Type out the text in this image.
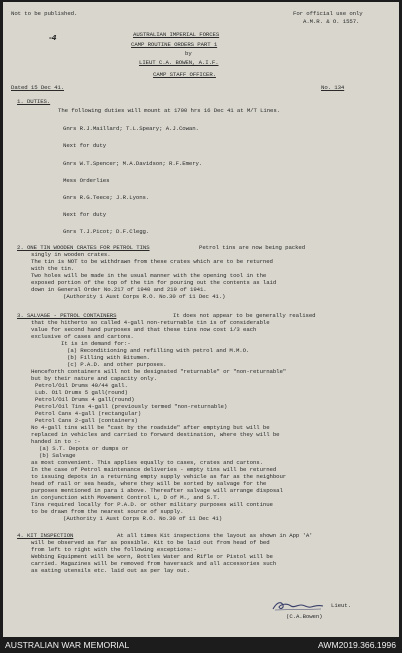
Not to be published.	For official use only
A.M.R. & O. 1557.
-4	AUSTRALIAN IMPERIAL FORCES
CAMP ROUTINE ORDERS PART 1
by
LIEUT C.A. BOWEN, A.I.F.
CAMP STAFF OFFICER.
Dated 15 Dec 41.	No. 134
1. DUTIES.
The following duties will mount at 1700 hrs 16 Dec 41 at M/T Lines.
Gnrs R.J.Maillard; T.L.Speary; A.J.Cowan.
Next for duty
Gnrs W.T.Spencer; M.A.Davidson; R.F.Emery.
Mess Orderlies
Gnrs R.G.Teece; J.R.Lyons.
Next for duty
Gnrs T.J.Picot; D.F.Clegg.
2. ONE TIN WOODEN CRATES FOR PETROL TINS	Petrol tins are now being packed
singly in wooden crates.
The tin is NOT to be withdrawn from these crates which are to be returned
with the tin.
Two holes will be made in the usual manner with the opening tool in the
exposed portion of the top of the tin for pouring out the contents as laid
down in General Order No.217 of 1940 and 219 of 1941.
(Authority 1 Aust Corps R.O. No.30 of 11 Dec 41.)
3. SALVAGE - PETROL CONTAINERS	It does not appear to be generally realised
that the hitherto so called 4-gall non-returnable tin is of considerable
value for second hand purposes and that these tins now cost 1/3 each
exclusive of cases and cartons.
It is in demand for:-
(a) Reconditioning and refilling with petrol and M.M.O.
(b) Filling with Bitumen.
(c) P.A.D. and other purposes.
Henceforth containers will not be designated "returnable" or "non-returnable"
but by their nature and capacity only.
Petrol/Oil Drums 40/44 gall.
Lub. Oil Drums 5 gall(round)
Petrol/Oil Drums 4 gall(round)
Petrol/Oil Tins 4-gall (previously termed "non-returnable)
Petrol Cans 4-gall (rectangular)
Petrol Cans 2-gall (containers)
No 4-gall tins will be "cast by the roadside" after emptying but will be
replaced in vehicles and carried to forward destination, where they will be
handed in to :-
(a) S.T. Depots or dumps or
(b) Salvage
as most convenient. This applies equally to cases, crates and cartons.
In the case of Petrol maintenance deliveries - empty tins will be returned
to issuing depots in a returning empty supply vehicle as far as the neighbour
head of rail or sea heads, where they will be sorted by salvage for the
purposes mentioned in para 1 above. Thereafter salvage will arrange disposal
in conjunction with Movement Control L, D of M., and S.T.
Tins required locally for P.A.D. or other military purposes will continue
to be drawn from the nearest source of supply.
(Authority 1 Aust Corps R.O. No.30 of 11 Dec 41)
4. KIT INSPECTION	At all times Kit inspections the layout as shown in App 'A'
will be observed as far as possible. Kit to be laid out from head of bed
from left to right with the following exceptions:-
Webbing Equipment will be worn, Bottles Water and Rifle or Pistol will be
carried. Magazines will be removed from haversack and all accessories such
as eating utensils etc. laid out as per lay out.
Lieut.
(C.A.Bowen)
AUSTRALIAN WAR MEMORIAL	AWM2019.366.1996
